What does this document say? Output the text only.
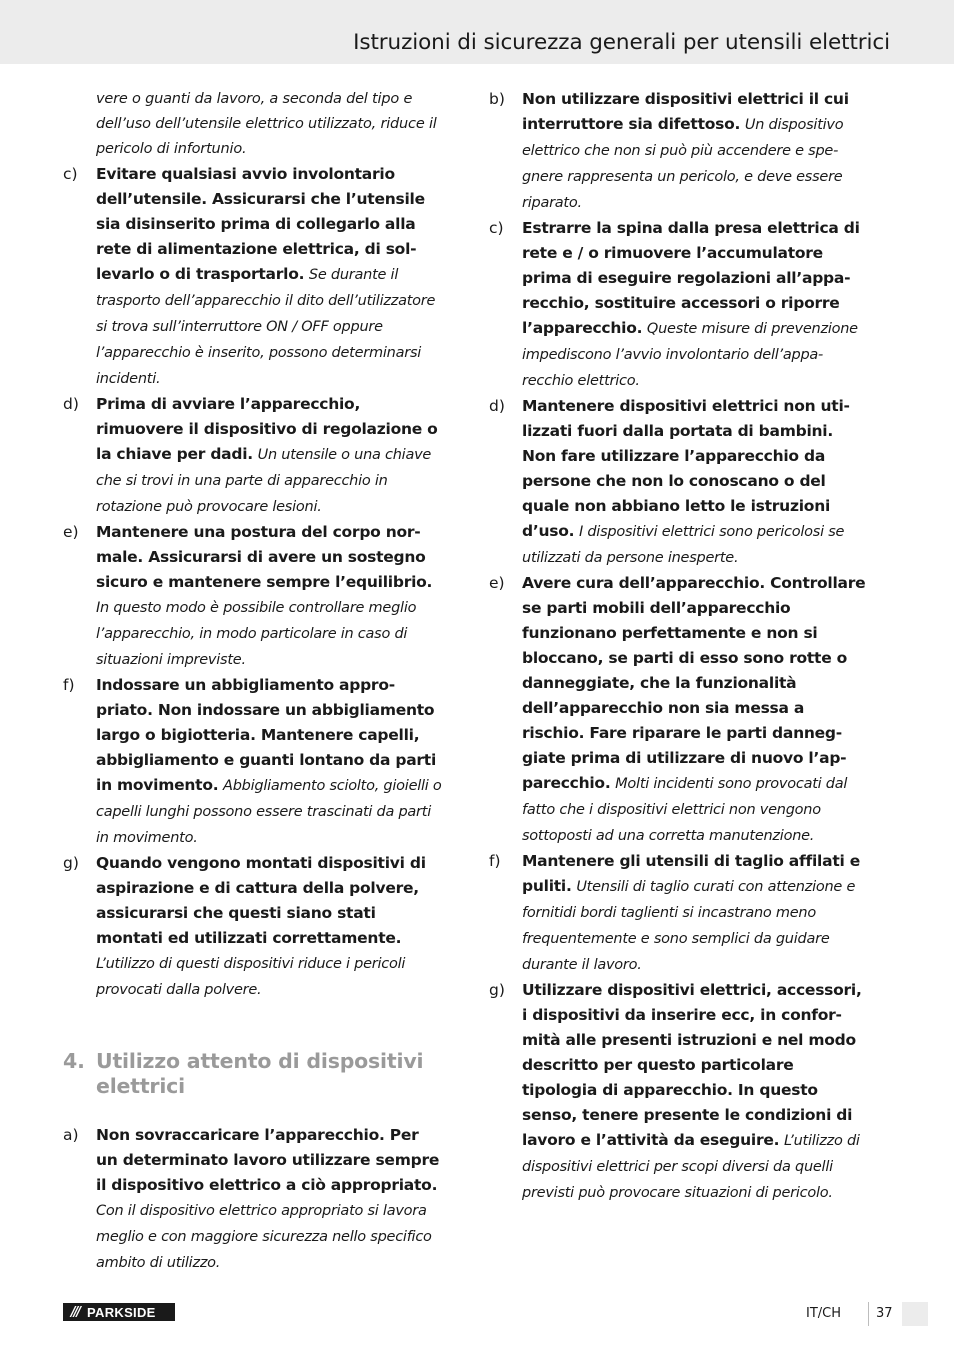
Istruzioni di sicurezza generali per utensili elettrici
vere o guanti da lavoro, a seconda del tipo e dell’uso dell’utensile elettrico utilizzato, riduce il pericolo di infortunio.
c) Evitare qualsiasi avvio involontario dell’utensile. Assicurarsi che l’utensile sia disinserito prima di collegarlo alla rete di alimentazione elettrica, di sollevarlo o di trasportarlo. Se durante il trasporto dell’apparecchio il dito dell’utilizzatore si trova sull’interruttore ON / OFF oppure l’apparecchio è inserito, possono determinarsi incidenti.
d) Prima di avviare l’apparecchio, rimuovere il dispositivo di regolazione o la chiave per dadi. Un utensile o una chiave che si trovi in una parte di apparecchio in rotazione può provocare lesioni.
e) Mantenere una postura del corpo normale. Assicurarsi di avere un sostegno sicuro e mantenere sempre l’equilibrio. In questo modo è possibile controllare meglio l’apparecchio, in modo particolare in caso di situazioni impreviste.
f) Indossare un abbigliamento appropriato. Non indossare un abbigliamento largo o bigiotteria. Mantenere capelli, abbigliamento e guanti lontano da parti in movimento. Abbigliamento sciolto, gioielli o capelli lunghi possono essere trascinati da parti in movimento.
g) Quando vengono montati dispositivi di aspirazione e di cattura della polvere, assicurarsi che questi siano stati montati ed utilizzati correttamente. L’utilizzo di questi dispositivi riduce i pericoli provocati dalla polvere.
4. Utilizzo attento di dispositivi elettrici
a) Non sovraccaricare l’apparecchio. Per un determinato lavoro utilizzare sempre il dispositivo elettrico a ciò appropriato. Con il dispositivo elettrico appropriato si lavora meglio e con maggiore sicurezza nello specifico ambito di utilizzo.
b) Non utilizzare dispositivi elettrici il cui interruttore sia difettoso. Un dispositivo elettrico che non si può più accendere e spegnere rappresenta un pericolo, e deve essere riparato.
c) Estrarre la spina dalla presa elettrica di rete e / o rimuovere l’accumulatore prima di eseguire regolazioni all’apparecchio, sostituire accessori o riporre l’apparecchio. Queste misure di prevenzione impediscono l’avvio involontario dell’apparecchio elettrico.
d) Mantenere dispositivi elettrici non utilizzati fuori dalla portata di bambini. Non fare utilizzare l’apparecchio da persone che non lo conoscano o del quale non abbiano letto le istruzioni d’uso. I dispositivi elettrici sono pericolosi se utilizzati da persone inesperte.
e) Avere cura dell’apparecchio. Controllare se parti mobili dell’apparecchio funzionano perfettamente e non si bloccano, se parti di esso sono rotte o danneggiate, che la funzionalità dell’apparecchio non sia messa a rischio. Fare riparare le parti danneggiate prima di utilizzare di nuovo l’apparecchio. Molti incidenti sono provocati dal fatto che i dispositivi elettrici non vengono sottoposti ad una corretta manutenzione.
f) Mantenere gli utensili di taglio affilati e puliti. Utensili di taglio curati con attenzione e fornitidi bordi taglienti si incastrano meno frequentemente e sono semplici da guidare durante il lavoro.
g) Utilizzare dispositivi elettrici, accessori, i dispositivi da inserire ecc, in conformità alle presenti istruzioni e nel modo descritto per questo particolare tipologia di apparecchio. In questo senso, tenere presente le condizioni di lavoro e l’attività da eseguire. L’utilizzo di dispositivi elettrici per scopi diversi da quelli previsti può provocare situazioni di pericolo.
/// PARKSIDE	IT/CH	37
